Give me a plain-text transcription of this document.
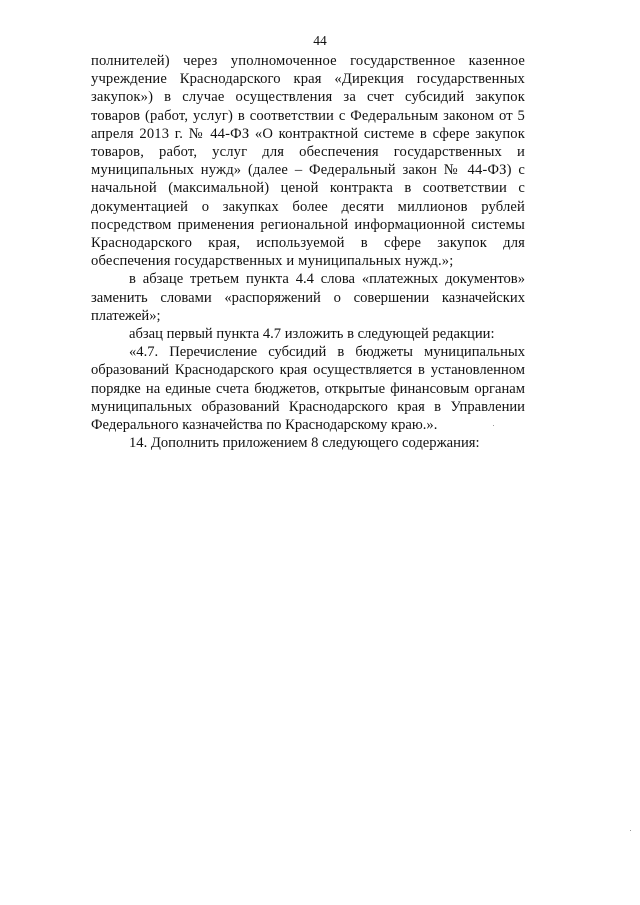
44

полнителей) через уполномоченное государственное казенное учреждение Краснодарского края «Дирекция государственных закупок») в случае осуществления за счет субсидий закупок товаров (работ, услуг) в соответствии с Федеральным законом от 5 апреля 2013 г. № 44-ФЗ «О контрактной системе в сфере закупок товаров, работ, услуг для обеспечения государственных и муниципальных нужд» (далее – Федеральный закон № 44-ФЗ) с начальной (максимальной) ценой контракта в соответствии с документацией о закупках более десяти миллионов рублей посредством применения региональной информационной системы Краснодарского края, используемой в сфере закупок для обеспечения государственных и муниципальных нужд.»;

в абзаце третьем пункта 4.4 слова «платежных документов» заменить словами «распоряжений о совершении казначейских платежей»;

абзац первый пункта 4.7 изложить в следующей редакции:

«4.7. Перечисление субсидий в бюджеты муниципальных образований Краснодарского края осуществляется в установленном порядке на единые счета бюджетов, открытые финансовым органам муниципальных образований Краснодарского края в Управлении Федерального казначейства по Краснодарскому краю.».

14. Дополнить приложением 8 следующего содержания:
